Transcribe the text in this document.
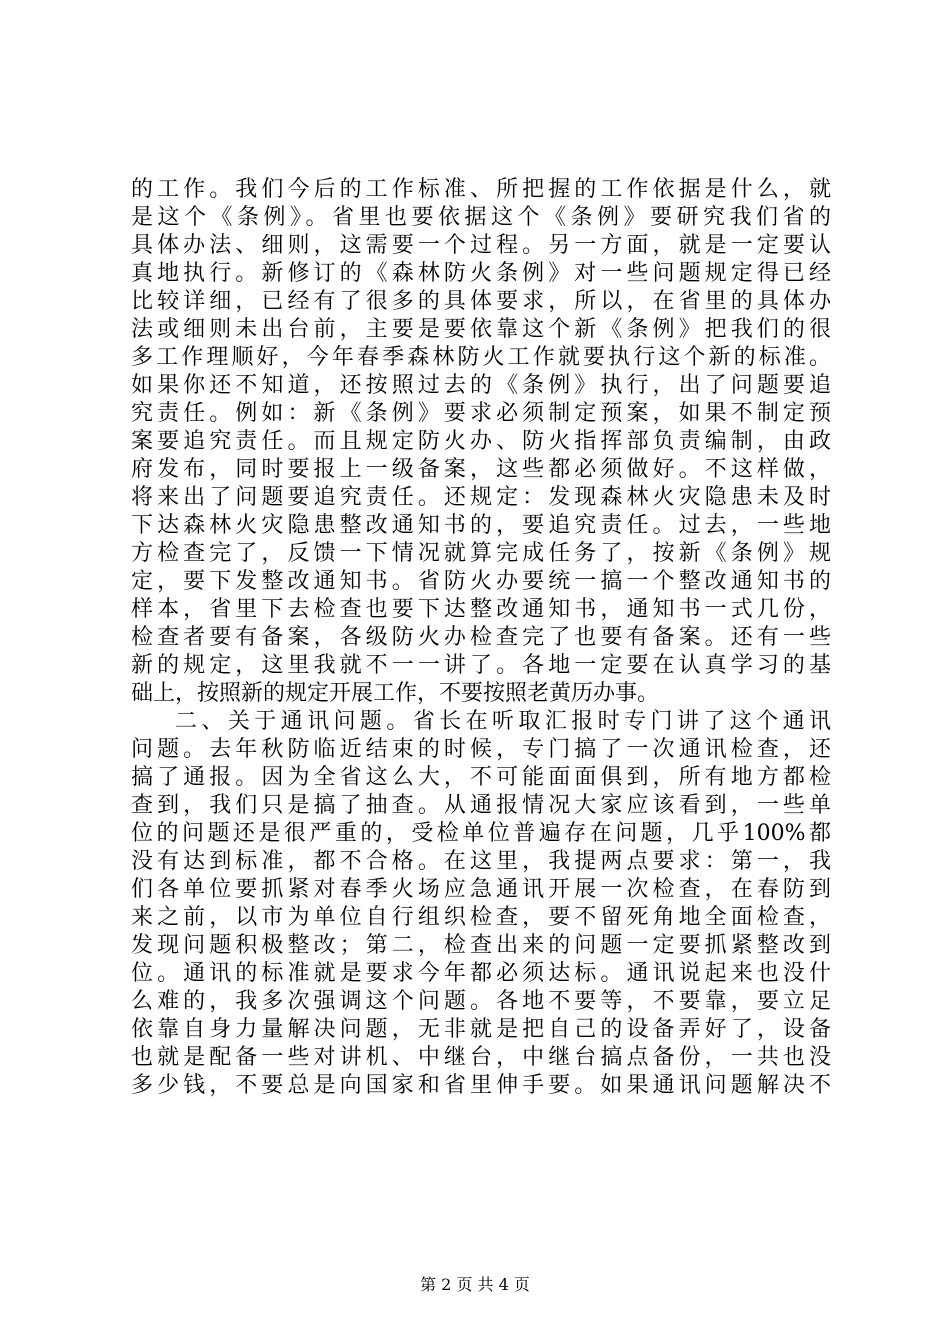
的工作。我们今后的工作标准、所把握的工作依据是什么，就
是这个《条例》。省里也要依据这个《条例》要研究我们省的
具体办法、细则，这需要一个过程。另一方面，就是一定要认
真地执行。新修订的《森林防火条例》对一些问题规定得已经
比较详细，已经有了很多的具体要求，所以，在省里的具体办
法或细则未出台前，主要是要依靠这个新《条例》把我们的很
多工作理顺好，今年春季森林防火工作就要执行这个新的标准。
如果你还不知道，还按照过去的《条例》执行，出了问题要追
究责任。例如：新《条例》要求必须制定预案，如果不制定预
案要追究责任。而且规定防火办、防火指挥部负责编制，由政
府发布，同时要报上一级备案，这些都必须做好。不这样做，
将来出了问题要追究责任。还规定：发现森林火灾隐患未及时
下达森林火灾隐患整改通知书的，要追究责任。过去，一些地
方检查完了，反馈一下情况就算完成任务了，按新《条例》规
定，要下发整改通知书。省防火办要统一搞一个整改通知书的
样本，省里下去检查也要下达整改通知书，通知书一式几份，
检查者要有备案，各级防火办检查完了也要有备案。还有一些
新的规定，这里我就不一一讲了。各地一定要在认真学习的基
础上，按照新的规定开展工作，不要按照老黄历办事。
二、关于通讯问题。省长在听取汇报时专门讲了这个通讯
问题。去年秋防临近结束的时候，专门搞了一次通讯检查，还
搞了通报。因为全省这么大，不可能面面俱到，所有地方都检
查到，我们只是搞了抽查。从通报情况大家应该看到，一些单
位的问题还是很严重的，受检单位普遍存在问题，几乎100%都
没有达到标准，都不合格。在这里，我提两点要求：第一，我
们各单位要抓紧对春季火场应急通讯开展一次检查，在春防到
来之前，以市为单位自行组织检查，要不留死角地全面检查，
发现问题积极整改；第二，检查出来的问题一定要抓紧整改到
位。通讯的标准就是要求今年都必须达标。通讯说起来也没什
么难的，我多次强调这个问题。各地不要等，不要靠，要立足
依靠自身力量解决问题，无非就是把自己的设备弄好了，设备
也就是配备一些对讲机、中继台，中继台搞点备份，一共也没
多少钱，不要总是向国家和省里伸手要。如果通讯问题解决不
第 2 页 共 4 页
